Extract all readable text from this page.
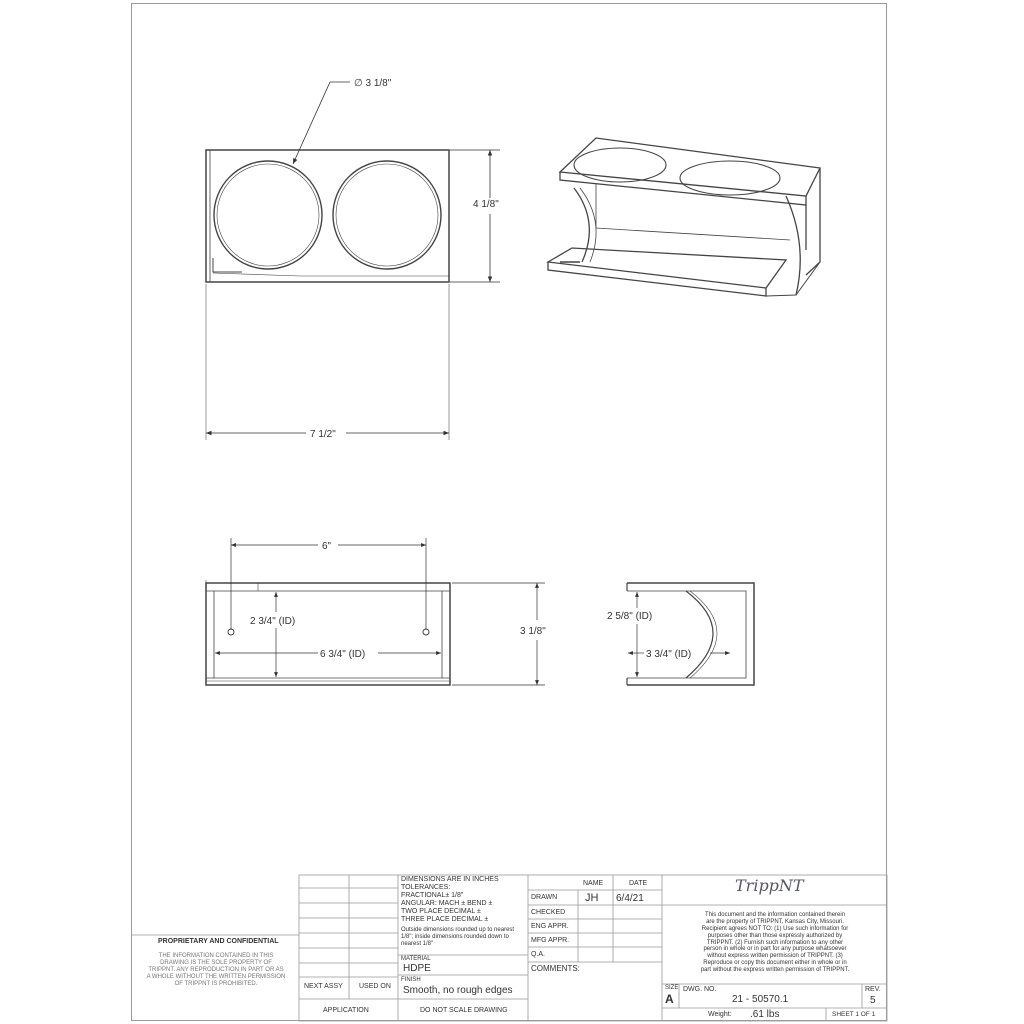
∅ 3 1/8"
4 1/8"
7 1/2"
6"
2 3/4" (ID)
6 3/4" (ID)
3 1/8"
2 5/8" (ID)
3 3/4" (ID)
PROPRIETARY AND CONFIDENTIAL
THE INFORMATION CONTAINED IN THIS DRAWING IS THE SOLE PROPERTY OF TRIPPNT. ANY REPRODUCTION IN PART OR AS A WHOLE WITHOUT THE WRITTEN PERMISSION OF TRIPPNT IS PROHIBITED.	NEXT ASSY USED ON
APPLICATION
DIMENSIONS ARE IN INCHES
TOLERANCES:
FRACTIONAL± 1/8"
ANGULAR: MACH ± BEND ±
TWO PLACE DECIMAL ±
THREE PLACE DECIMAL ±
Outside dimensions rounded up to nearest 1/8"; inside dimensions rounded down to nearest 1/8"
MATERIAL
HDPE
FINISH
Smooth, no rough edges
DO NOT SCALE DRAWING
NAME	DATE
DRAWN	JH 6/4/21
CHECKED
ENG APPR.
MFG APPR.
Q.A.
COMMENTS:
TrippNT
This document and the information contained therein are the property of TRIPPNT, Kansas City, Missouri. Recipient agrees NOT TO: (1) Use such information for purposes other than those expressly authorized by TRIPPNT. (2) Furnish such information to any other person in whole or in part for any purpose whatsoever without express written permission of TRIPPNT. (3) Reproduce or copy this document either in whole or in part without the express written permission of TRIPPNT.
SIZE
A
DWG. NO.
21 - 50570.1
REV.
5
Weight: .61 lbs	SHEET 1 OF 1
